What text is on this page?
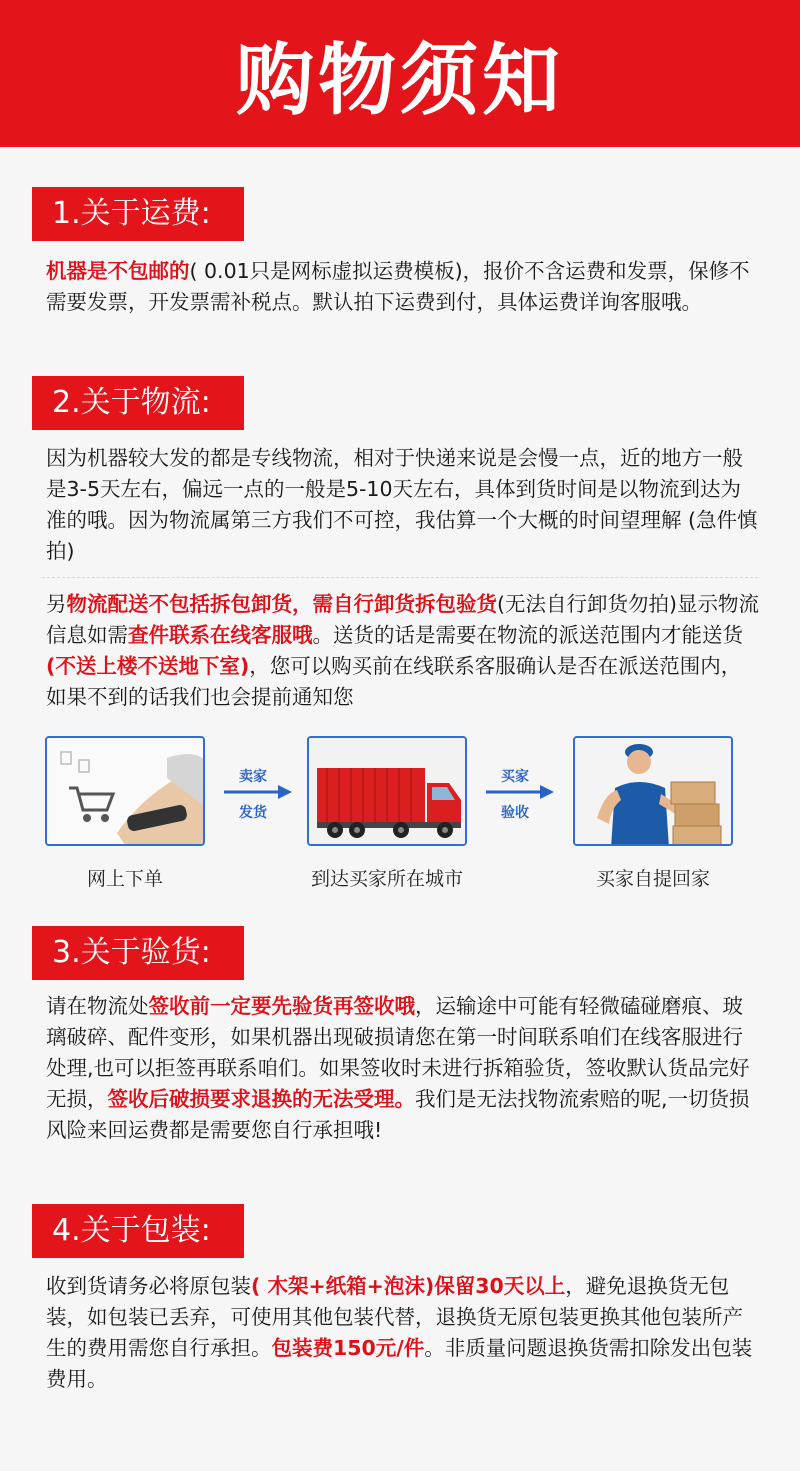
购物须知
1.关于运费:
机器是不包邮的( 0.01只是网标虚拟运费模板)，报价不含运费和发票，保修不需要发票，开发票需补税点。默认拍下运费到付，具体运费详询客服哦。
2.关于物流:
因为机器较大发的都是专线物流，相对于快递来说是会慢一点，近的地方一般是3-5天左右，偏远一点的一般是5-10天左右，具体到货时间是以物流到达为准的哦。因为物流属第三方我们不可控，我估算一个大概的时间望理解 (急件慎拍)
另物流配送不包括拆包卸货，需自行卸货拆包验货(无法自行卸货勿拍)显示物流信息如需查件联系在线客服哦。送货的话是需要在物流的派送范围内才能送货(不送上楼不送地下室)，您可以购买前在线联系客服确认是否在派送范围内，如果不到的话我们也会提前通知您
网上下单
卖家
发货
到达买家所在城市
买家
验收
买家自提回家
3.关于验货:
请在物流处签收前一定要先验货再签收哦，运输途中可能有轻微磕碰磨痕、玻璃破碎、配件变形，如果机器出现破损请您在第一时间联系咱们在线客服进行处理,也可以拒签再联系咱们。如果签收时未进行拆箱验货，签收默认货品完好无损，签收后破损要求退换的无法受理。我们是无法找物流索赔的呢,一切货损风险来回运费都是需要您自行承担哦!
4.关于包装:
收到货请务必将原包装( 木架+纸箱+泡沫)保留30天以上，避免退换货无包装，如包装已丢弃，可使用其他包装代替，退换货无原包装更换其他包装所产生的费用需您自行承担。包装费150元/件。非质量问题退换货需扣除发出包装费用。
